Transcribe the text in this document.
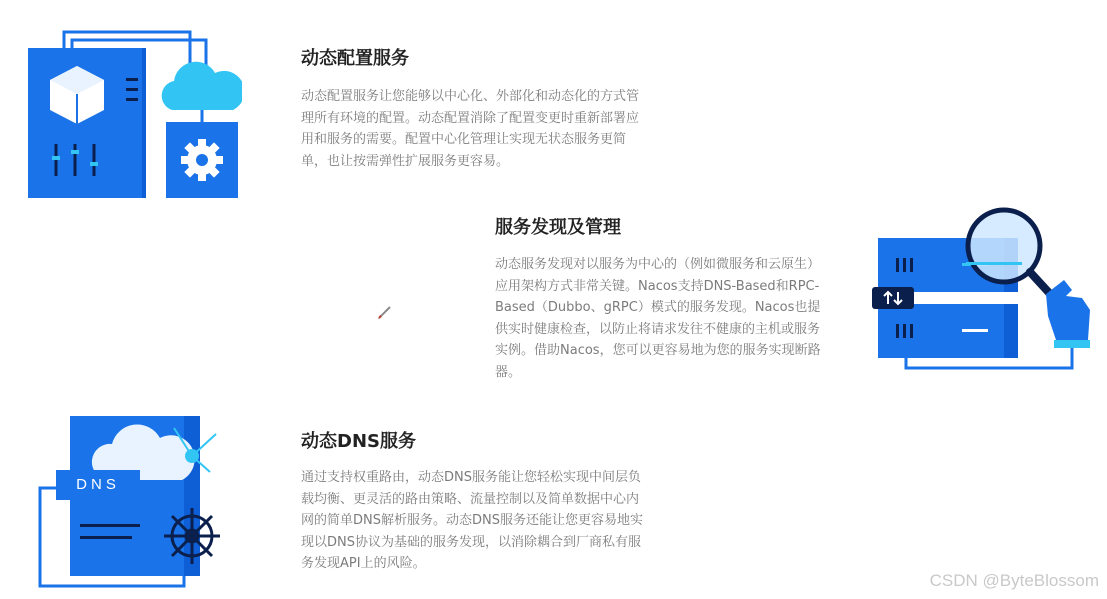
动态配置服务

动态配置服务让您能够以中心化、外部化和动态化的方式管理所有环境的配置。动态配置消除了配置变更时重新部署应用和服务的需要。配置中心化管理让实现无状态服务更简单，也让按需弹性扩展服务更容易。

服务发现及管理

动态服务发现对以服务为中心的（例如微服务和云原生）应用架构方式非常关键。Nacos支持DNS-Based和RPC-Based（Dubbo、gRPC）模式的服务发现。Nacos也提供实时健康检查，以防止将请求发往不健康的主机或服务实例。借助Nacos，您可以更容易地为您的服务实现断路器。

DNS
动态DNS服务

通过支持权重路由，动态DNS服务能让您轻松实现中间层负载均衡、更灵活的路由策略、流量控制以及简单数据中心内网的简单DNS解析服务。动态DNS服务还能让您更容易地实现以DNS协议为基础的服务发现，以消除耦合到厂商私有服务发现API上的风险。

CSDN @ByteBlossom
